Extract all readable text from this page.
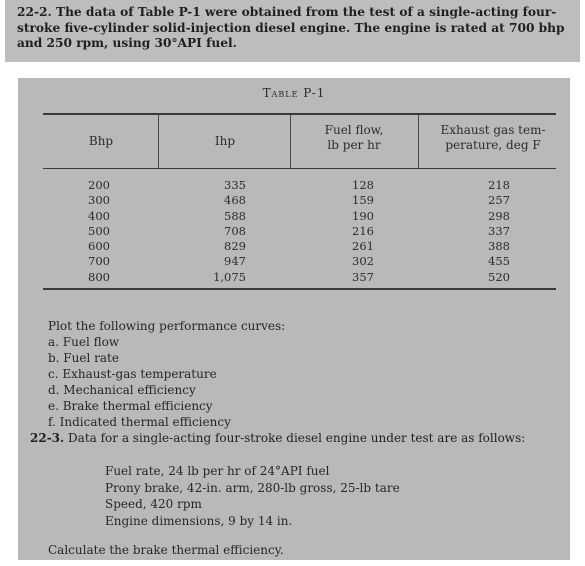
22-2. The data of Table P-1 were obtained from the test of a single-acting four-stroke five-cylinder solid-injection diesel engine. The engine is rated at 700 bhp and 250 rpm, using 30°API fuel.
Table P-1
Bhp	Ihp
Fuel flow,
lb per hr
Exhaust gas tem-
perature, deg F
200
300
400
500
600
700
800
335
468
588
708
829
947
1,075
128
159
190
216
261
302
357
218
257
298
337
388
455
520
Plot the following performance curves:
a. Fuel flow
b. Fuel rate
c. Exhaust-gas temperature
d. Mechanical efficiency
e. Brake thermal efficiency
f. Indicated thermal efficiency
22-3. Data for a single-acting four-stroke diesel engine under test are as follows:
Fuel rate, 24 lb per hr of 24°API fuel
Prony brake, 42-in. arm, 280-lb gross, 25-lb tare
Speed, 420 rpm
Engine dimensions, 9 by 14 in.
Calculate the brake thermal efficiency.
